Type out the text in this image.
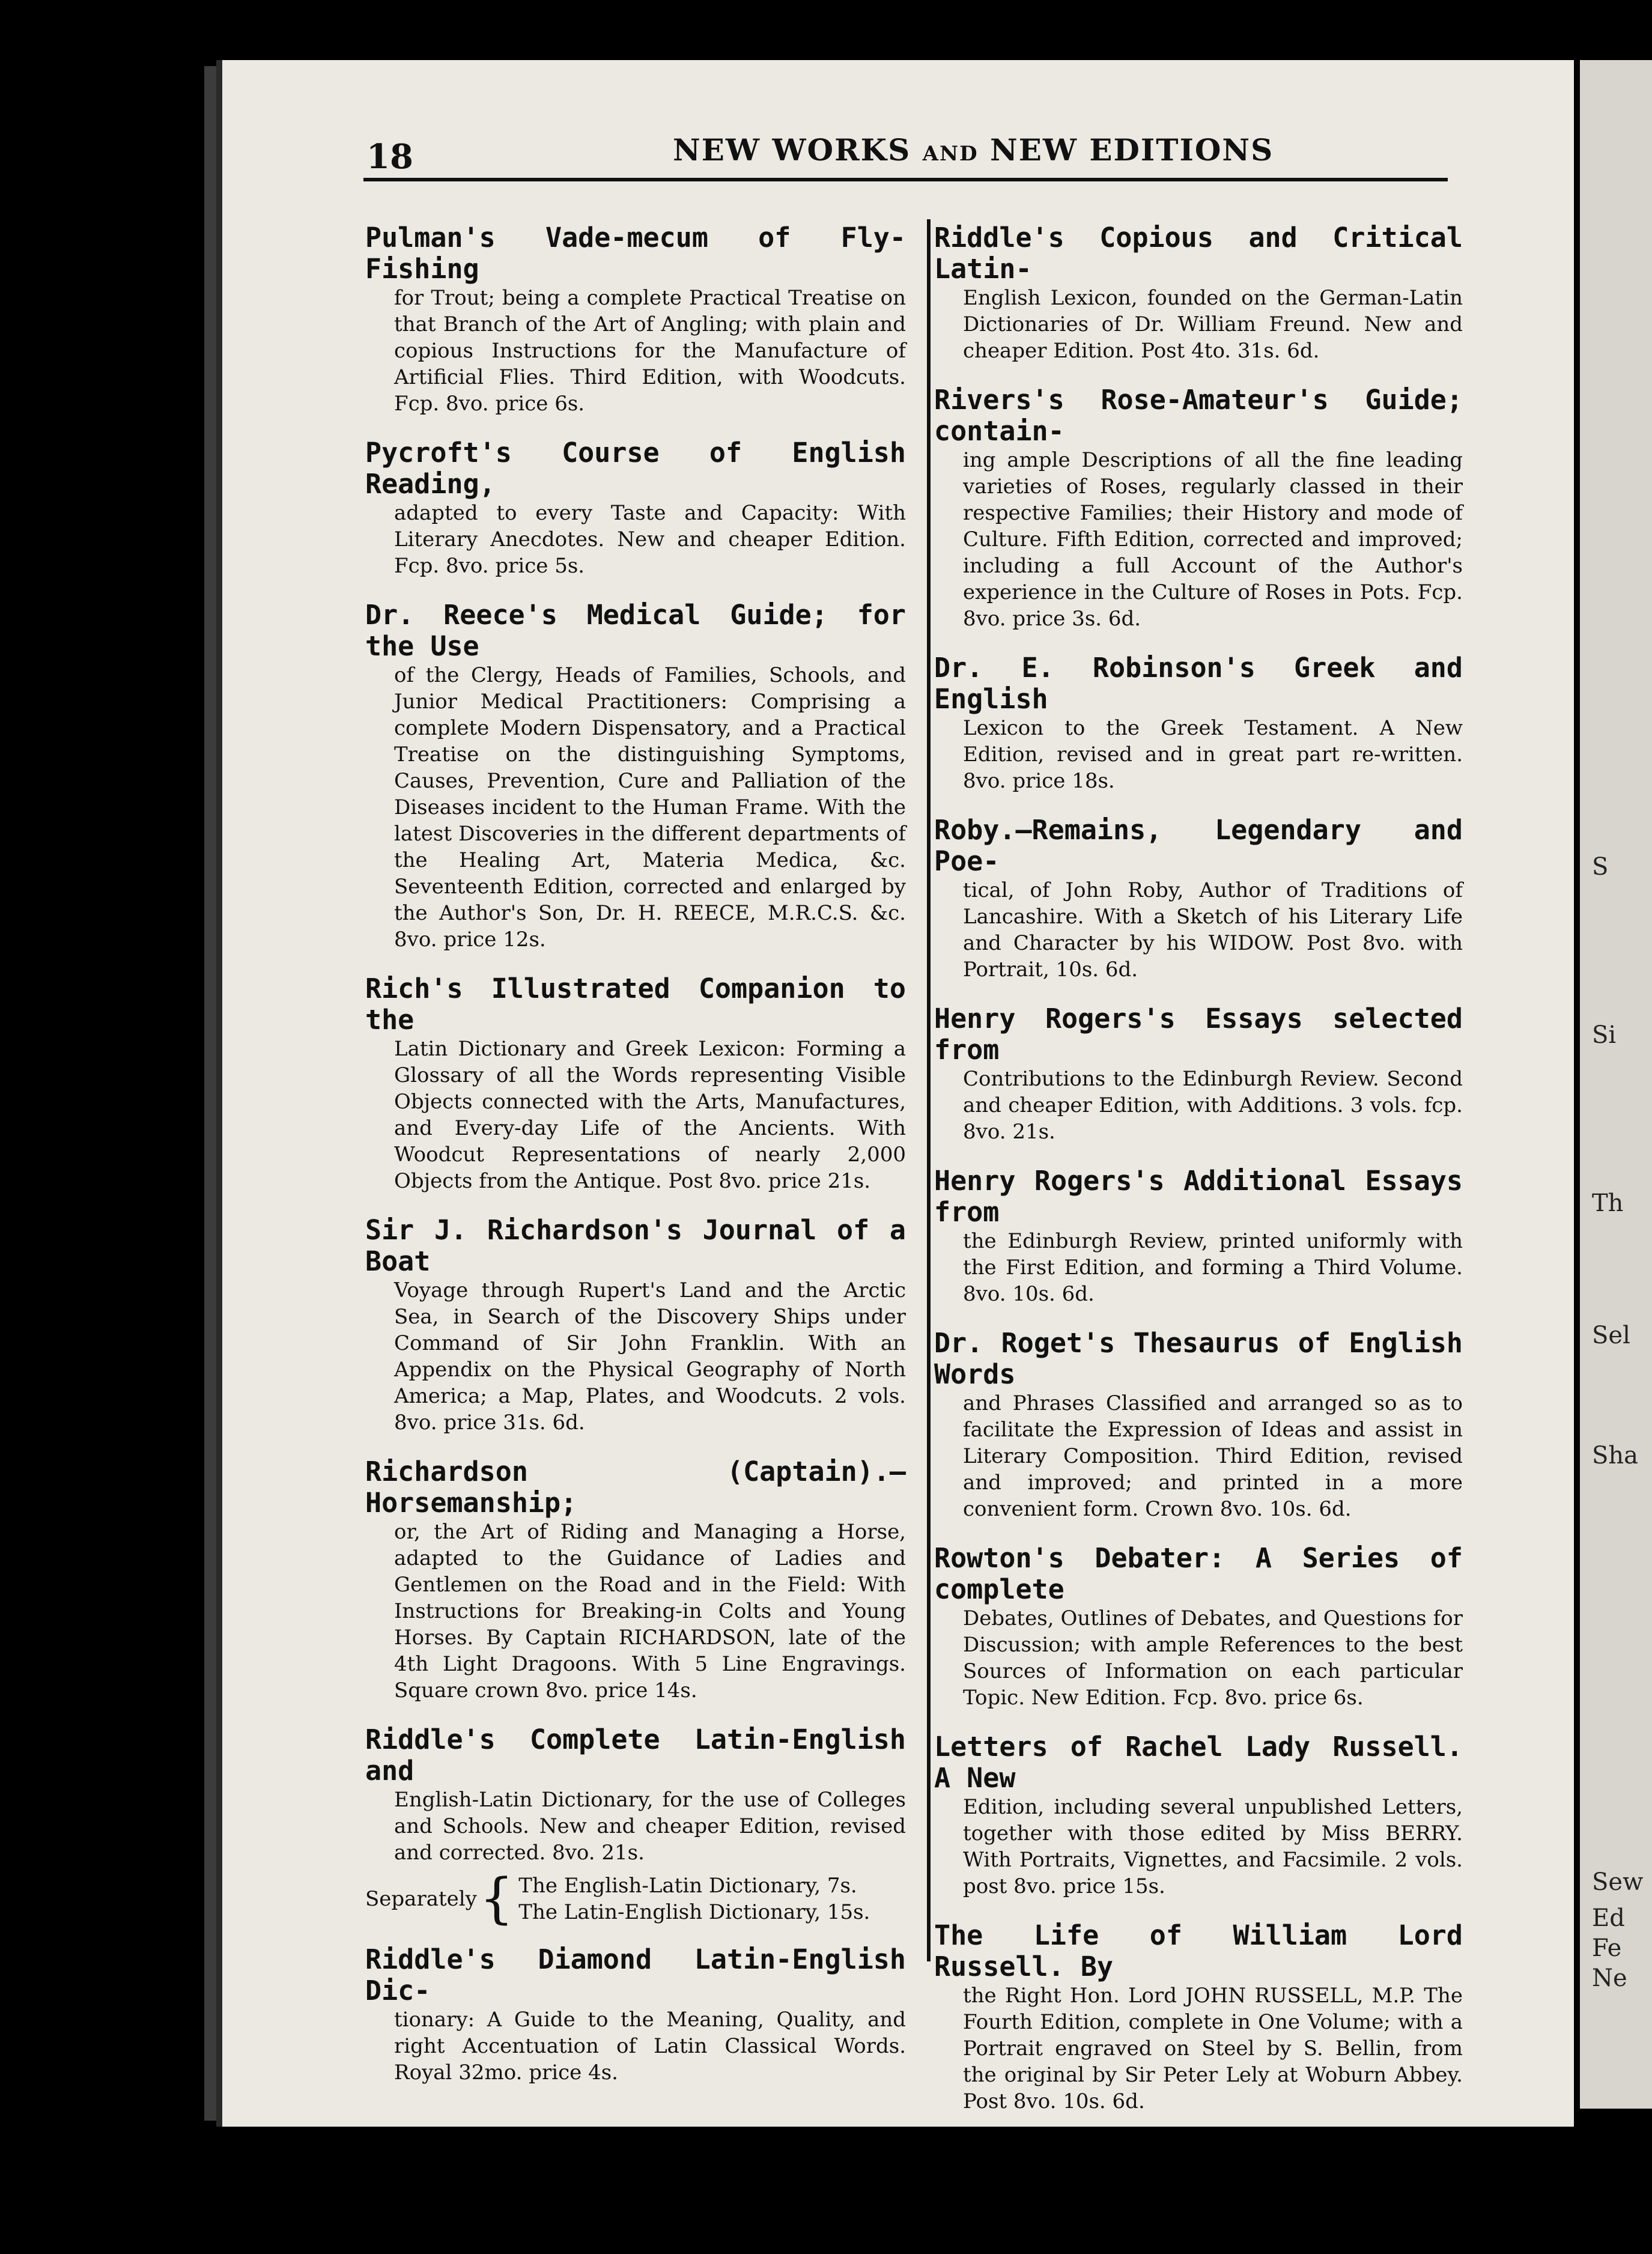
S
Si
Th
Sel
Sha
Sew
Ed
Fe
Ne
18	NEW WORKS AND NEW EDITIONS
Pulman's Vade-mecum of Fly-Fishing
for Trout; being a complete Practical Treatise on that Branch of the Art of Angling; with plain and copious Instructions for the Manufacture of Artificial Flies. Third Edition, with Woodcuts. Fcp. 8vo. price 6s.
Pycroft's Course of English Reading,
adapted to every Taste and Capacity: With Literary Anecdotes. New and cheaper Edition. Fcp. 8vo. price 5s.
Dr. Reece's Medical Guide; for the Use
of the Clergy, Heads of Families, Schools, and Junior Medical Practitioners: Comprising a complete Modern Dispensatory, and a Practical Treatise on the distinguishing Symptoms, Causes, Prevention, Cure and Palliation of the Diseases incident to the Human Frame. With the latest Discoveries in the different departments of the Healing Art, Materia Medica, &c. Seventeenth Edition, corrected and enlarged by the Author's Son, Dr. H. REECE, M.R.C.S. &c. 8vo. price 12s.
Rich's Illustrated Companion to the
Latin Dictionary and Greek Lexicon: Forming a Glossary of all the Words representing Visible Objects connected with the Arts, Manufactures, and Every-day Life of the Ancients. With Woodcut Representations of nearly 2,000 Objects from the Antique. Post 8vo. price 21s.
Sir J. Richardson's Journal of a Boat
Voyage through Rupert's Land and the Arctic Sea, in Search of the Discovery Ships under Command of Sir John Franklin. With an Appendix on the Physical Geography of North America; a Map, Plates, and Woodcuts. 2 vols. 8vo. price 31s. 6d.
Richardson (Captain).—Horsemanship;
or, the Art of Riding and Managing a Horse, adapted to the Guidance of Ladies and Gentlemen on the Road and in the Field: With Instructions for Breaking-in Colts and Young Horses. By Captain RICHARDSON, late of the 4th Light Dragoons. With 5 Line Engravings. Square crown 8vo. price 14s.
Riddle's Complete Latin-English and
English-Latin Dictionary, for the use of Colleges and Schools. New and cheaper Edition, revised and corrected. 8vo. 21s.
Separately { The English-Latin Dictionary, 7s.
The Latin-English Dictionary, 15s.
Riddle's Diamond Latin-English Dic-
tionary: A Guide to the Meaning, Quality, and right Accentuation of Latin Classical Words. Royal 32mo. price 4s.
Riddle's Copious and Critical Latin-
English Lexicon, founded on the German-Latin Dictionaries of Dr. William Freund. New and cheaper Edition. Post 4to. 31s. 6d.
Rivers's Rose-Amateur's Guide; contain-
ing ample Descriptions of all the fine leading varieties of Roses, regularly classed in their respective Families; their History and mode of Culture. Fifth Edition, corrected and improved; including a full Account of the Author's experience in the Culture of Roses in Pots. Fcp. 8vo. price 3s. 6d.
Dr. E. Robinson's Greek and English
Lexicon to the Greek Testament. A New Edition, revised and in great part re-written. 8vo. price 18s.
Roby.—Remains, Legendary and Poe-
tical, of John Roby, Author of Traditions of Lancashire. With a Sketch of his Literary Life and Character by his WIDOW. Post 8vo. with Portrait, 10s. 6d.
Henry Rogers's Essays selected from
Contributions to the Edinburgh Review. Second and cheaper Edition, with Additions. 3 vols. fcp. 8vo. 21s.
Henry Rogers's Additional Essays from
the Edinburgh Review, printed uniformly with the First Edition, and forming a Third Volume. 8vo. 10s. 6d.
Dr. Roget's Thesaurus of English Words
and Phrases Classified and arranged so as to facilitate the Expression of Ideas and assist in Literary Composition. Third Edition, revised and improved; and printed in a more convenient form. Crown 8vo. 10s. 6d.
Rowton's Debater: A Series of complete
Debates, Outlines of Debates, and Questions for Discussion; with ample References to the best Sources of Information on each particular Topic. New Edition. Fcp. 8vo. price 6s.
Letters of Rachel Lady Russell. A New
Edition, including several unpublished Letters, together with those edited by Miss BERRY. With Portraits, Vignettes, and Facsimile. 2 vols. post 8vo. price 15s.
The Life of William Lord Russell. By
the Right Hon. Lord JOHN RUSSELL, M.P. The Fourth Edition, complete in One Volume; with a Portrait engraved on Steel by S. Bellin, from the original by Sir Peter Lely at Woburn Abbey. Post 8vo. 10s. 6d.
